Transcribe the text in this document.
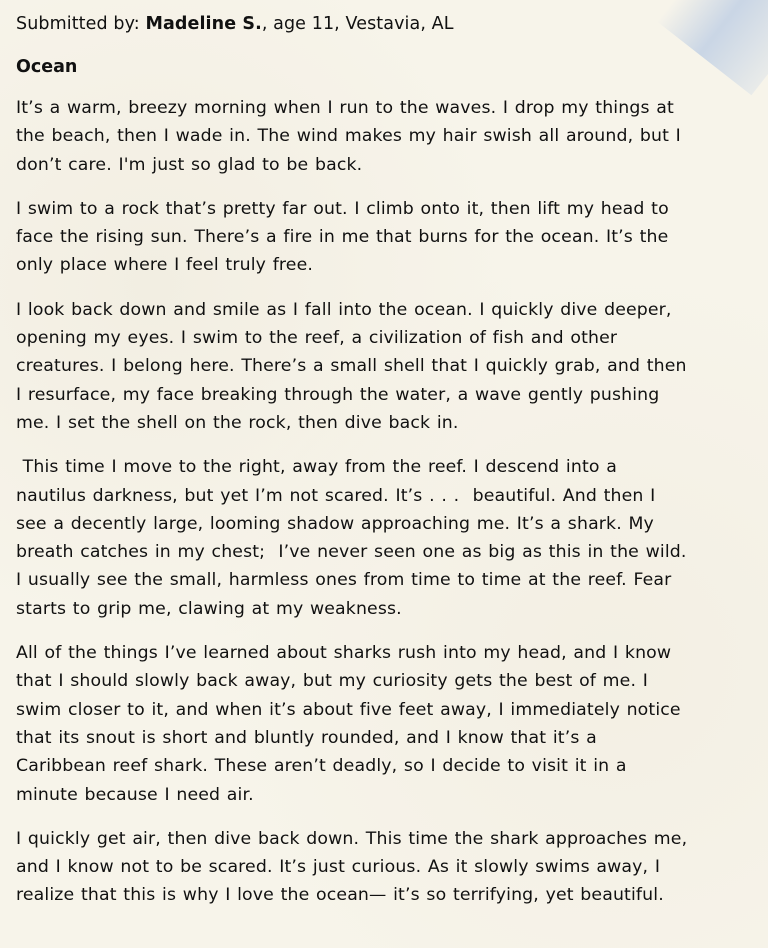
Submitted by: Madeline S., age 11, Vestavia, AL
Ocean
It’s a warm, breezy morning when I run to the waves. I drop my things at
the beach, then I wade in. The wind makes my hair swish all around, but I
don’t care. I'm just so glad to be back.
I swim to a rock that’s pretty far out. I climb onto it, then lift my head to
face the rising sun. There’s a fire in me that burns for the ocean. It’s the
only place where I feel truly free.
I look back down and smile as I fall into the ocean. I quickly dive deeper,
opening my eyes. I swim to the reef, a civilization of fish and other
creatures. I belong here. There’s a small shell that I quickly grab, and then
I resurface, my face breaking through the water, a wave gently pushing
me. I set the shell on the rock, then dive back in.
This time I move to the right, away from the reef. I descend into a
nautilus darkness, but yet I’m not scared. It’s . . .  beautiful. And then I
see a decently large, looming shadow approaching me. It’s a shark. My
breath catches in my chest;  I’ve never seen one as big as this in the wild.
I usually see the small, harmless ones from time to time at the reef. Fear
starts to grip me, clawing at my weakness.
All of the things I’ve learned about sharks rush into my head, and I know
that I should slowly back away, but my curiosity gets the best of me. I
swim closer to it, and when it’s about five feet away, I immediately notice
that its snout is short and bluntly rounded, and I know that it’s a
Caribbean reef shark. These aren’t deadly, so I decide to visit it in a
minute because I need air.
I quickly get air, then dive back down. This time the shark approaches me,
and I know not to be scared. It’s just curious. As it slowly swims away, I
realize that this is why I love the ocean— it’s so terrifying, yet beautiful.
